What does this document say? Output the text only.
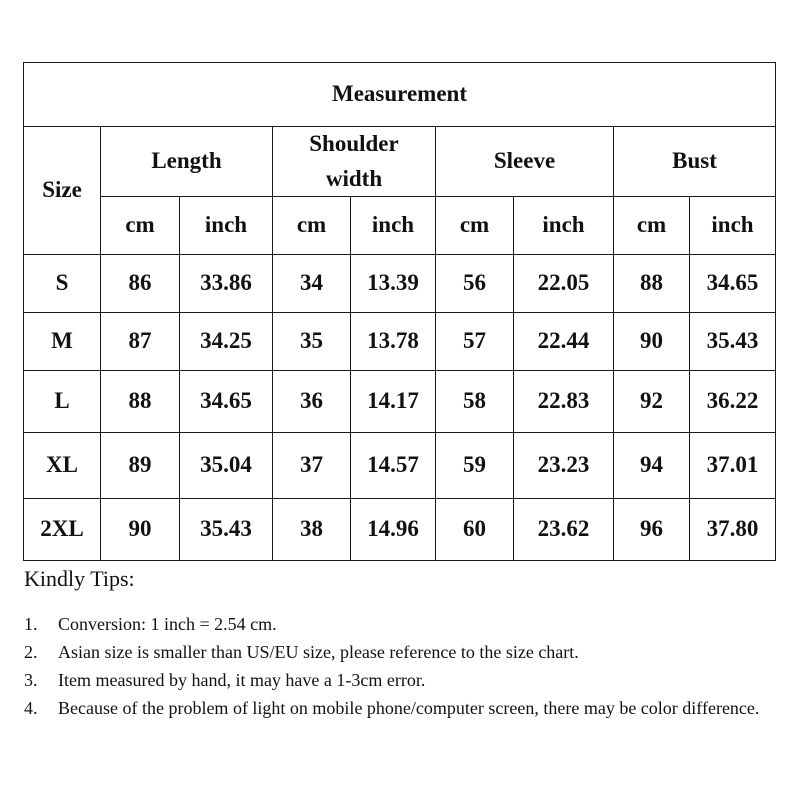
Measurement								
Size	Length		Shoulder width		Sleeve		Bust	
	cm	inch	cm	inch	cm	inch	cm	inch
S	86	33.86	34	13.39	56	22.05	88	34.65
M	87	34.25	35	13.78	57	22.44	90	35.43
L	88	34.65	36	14.17	58	22.83	92	36.22
XL	89	35.04	37	14.57	59	23.23	94	37.01
2XL	90	35.43	38	14.96	60	23.62	96	37.80

Kindly Tips:

1. Conversion: 1 inch = 2.54 cm.
2. Asian size is smaller than US/EU size, please reference to the size chart.
3. Item measured by hand, it may have a 1-3cm error.
4. Because of the problem of light on mobile phone/computer screen, there may be color difference.
